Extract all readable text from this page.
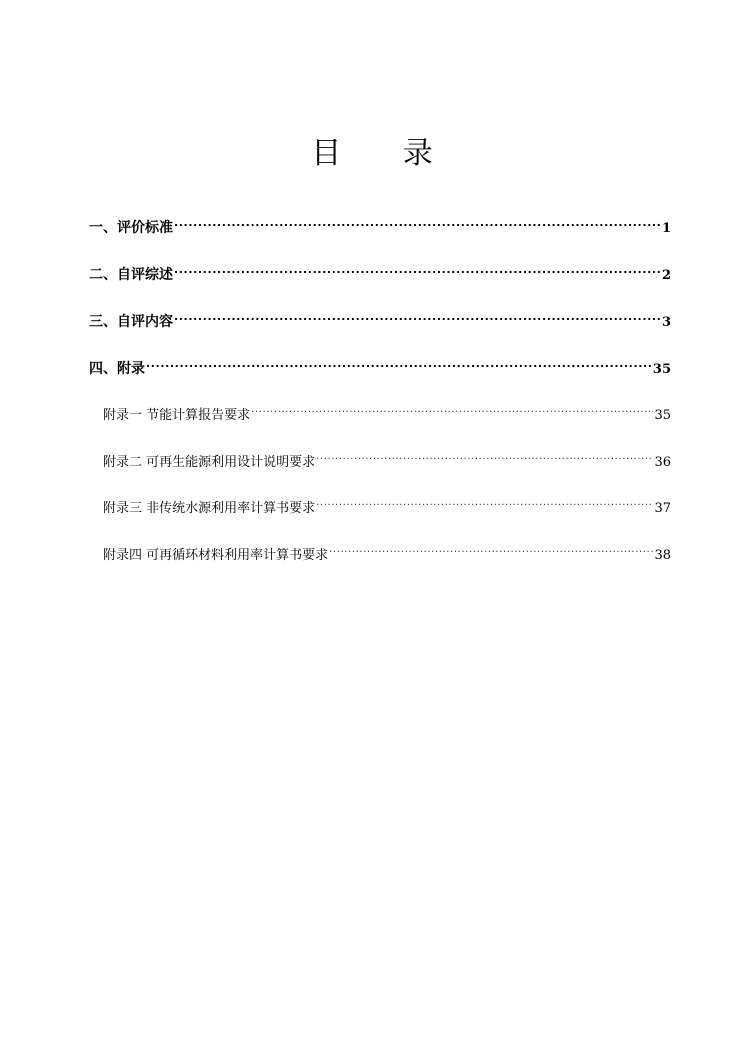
目 录
一、评价标准 .....	1
二、自评综述 .....	2
三、自评内容 .....	3
四、附录 .....	35
附录一 节能计算报告要求 .....	35
附录二 可再生能源利用设计说明要求 .....	36
附录三 非传统水源利用率计算书要求 .....	37
附录四 可再循环材料利用率计算书要求 .....	38
